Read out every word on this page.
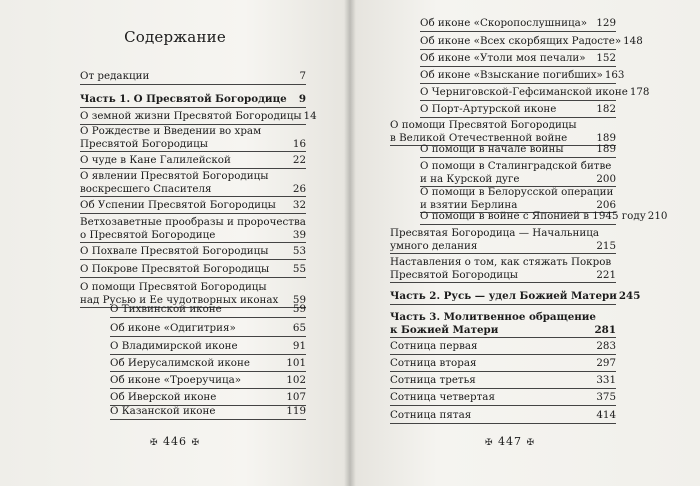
Содержание
От редакции	7
Часть 1. О Пресвятой Богородице 9
О земной жизни Пресвятой Богородицы 14
О Рождестве и Введении во храм
Пресвятой Богородицы	16
О чуде в Кане Галилейской	22
О явлении Пресвятой Богородицы
воскресшего Спасителя	26
Об Успении Пресвятой Богородицы 32
Ветхозаветные прообразы и пророчества
о Пресвятой Богородице	39
О Похвале Пресвятой Богородицы 53
О Покрове Пресвятой Богородицы 55
О помощи Пресвятой Богородицы
над Русью и Ее чудотворных иконах 59
О Тихвинской иконе	59
Об иконе «Одигитрия»	65
О Владимирской иконе	91
Об Иерусалимской иконе	101
Об иконе «Троеручица»	102
Об Иверской иконе	107
О Казанской иконе	119
✠ 446 ✠
Об иконе «Скоропослушница» 129
Об иконе «Всех скорбящих Радосте» 148
Об иконе «Утоли моя печали» 152
Об иконе «Взыскание погибших» 163
О Черниговской-Гефсиманской иконе 178
О Порт-Артурской иконе	182
О помощи Пресвятой Богородицы
в Великой Отечественной войне	189
О помощи в начале войны	189
О помощи в Сталинградской битве
и на Курской дуге	200
О помощи в Белорусской операции
и взятии Берлина	206
О помощи в войне с Японией в 1945 году 210
Пресвятая Богородица — Начальница
умного делания	215
Наставления о том, как стяжать Покров
Пресвятой Богородицы	221
Часть 2. Русь — удел Божией Матери 245
Часть 3. Молитвенное обращение
к Божией Матери	281
Сотница первая	283
Сотница вторая	297
Сотница третья	331
Сотница четвертая	375
Сотница пятая	414
✠ 447 ✠
